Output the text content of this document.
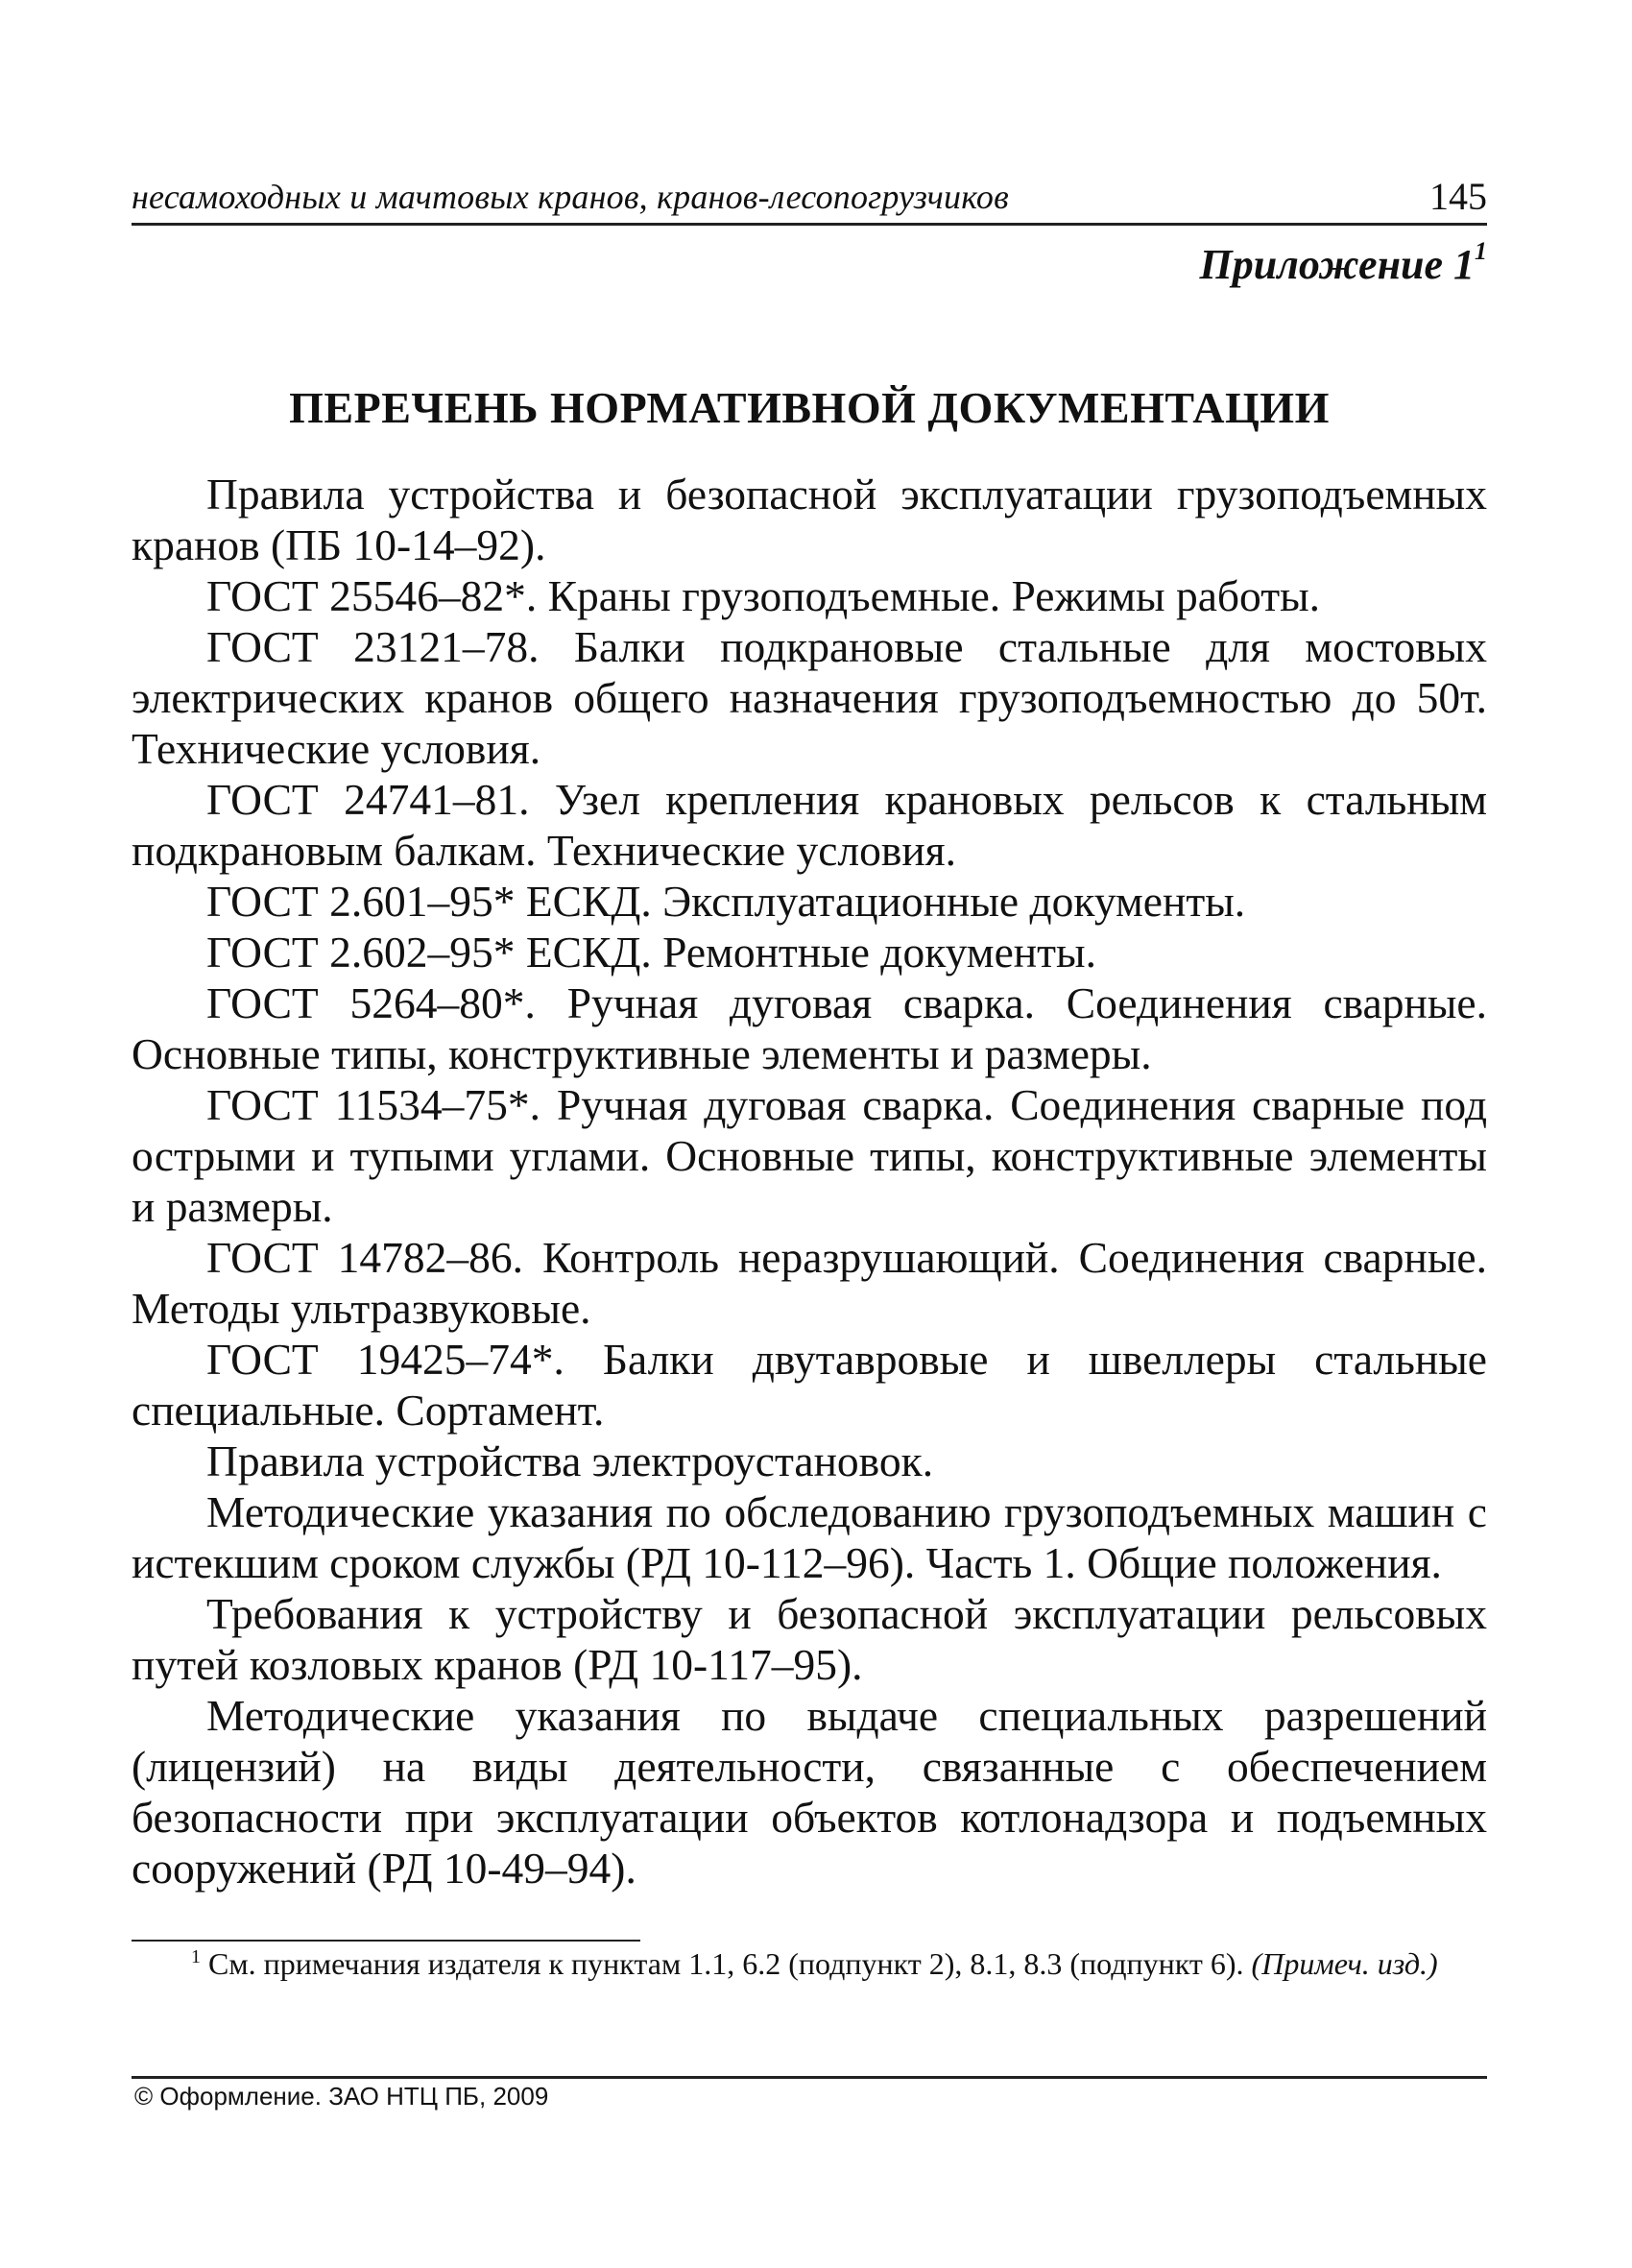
несамоходных и мачтовых кранов, кранов-лесопогрузчиков	145
Приложение $1^1$
ПЕРЕЧЕНЬ НОРМАТИВНОЙ ДОКУМЕНТАЦИИ

Правила устройства и безопасной эксплуатации грузоподъемных кранов (ПБ 10-14–92).

ГОСТ 25546–82*. Краны грузоподъемные. Режимы работы.

ГОСТ 23121–78. Балки подкрановые стальные для мостовых электрических кранов общего назначения грузоподъемностью до 50т. Технические условия.

ГОСТ 24741–81. Узел крепления крановых рельсов к стальным подкрановым балкам. Технические условия.

ГОСТ 2.601–95* ЕСКД. Эксплуатационные документы.

ГОСТ 2.602–95* ЕСКД. Ремонтные документы.

ГОСТ 5264–80*. Ручная дуговая сварка. Соединения сварные. Основные типы, конструктивные элементы и размеры.

ГОСТ 11534–75*. Ручная дуговая сварка. Соединения сварные под острыми и тупыми углами. Основные типы, конструктивные элементы и размеры.

ГОСТ 14782–86. Контроль неразрушающий. Соединения сварные. Методы ультразвуковые.

ГОСТ 19425–74*. Балки двутавровые и швеллеры стальные специальные. Сортамент.

Правила устройства электроустановок.

Методические указания по обследованию грузоподъемных машин с истекшим сроком службы (РД 10-112–96). Часть 1. Общие положения.

Требования к устройству и безопасной эксплуатации рельсовых путей козловых кранов (РД 10-117–95).

Методические указания по выдаче специальных разрешений (лицензий) на виды деятельности, связанные с обеспечением безопасности при эксплуатации объектов котлонадзора и подъемных сооружений (РД 10-49–94).

$^1$ См. примечания издателя к пунктам 1.1, 6.2 (подпункт 2), 8.1, 8.3 (подпункт 6). (Примеч. изд.)
© Оформление. ЗАО НТЦ ПБ, 2009
